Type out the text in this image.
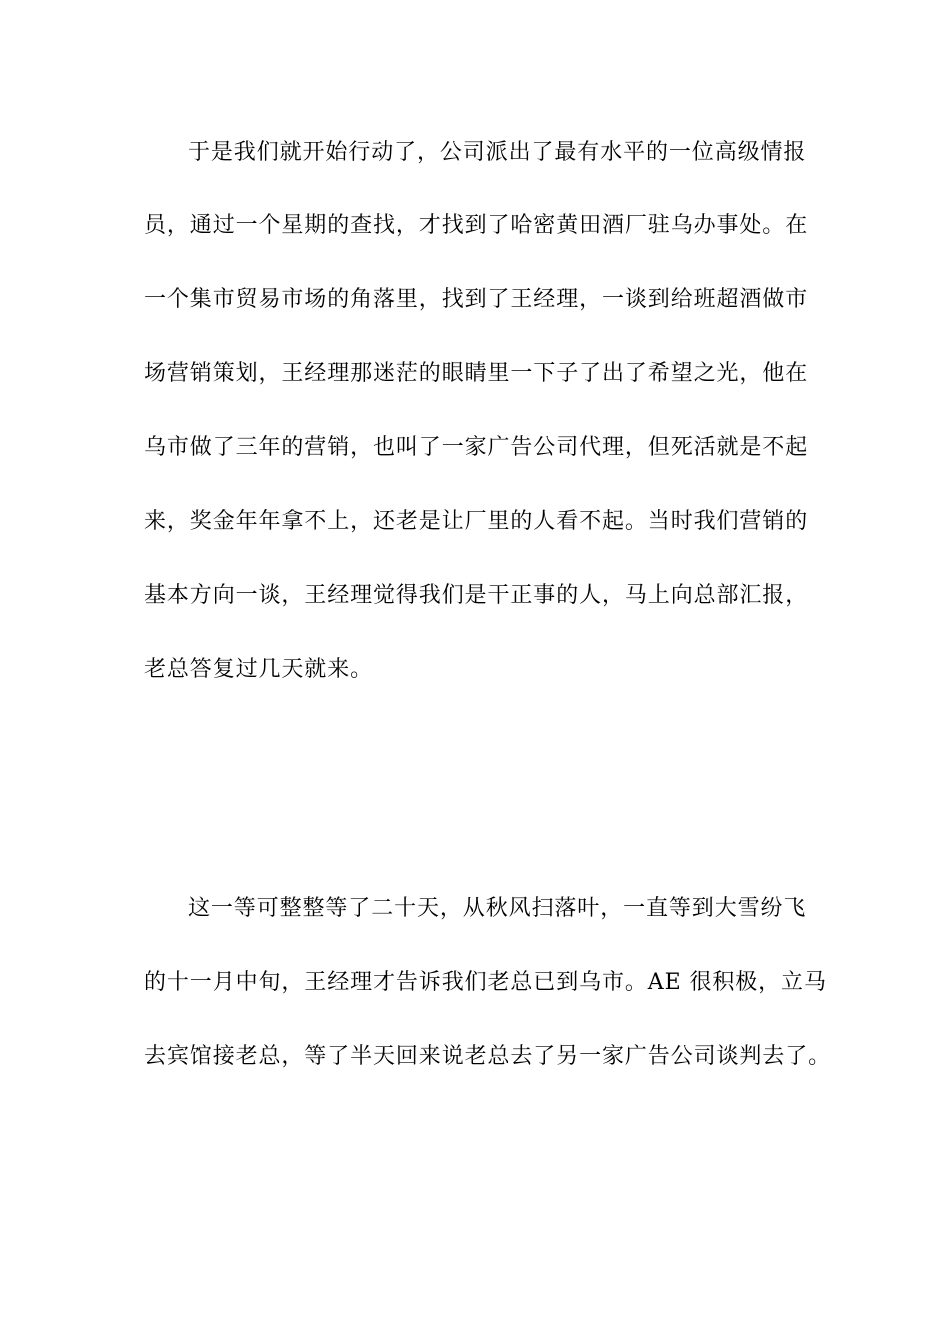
于是我们就开始行动了，公司派出了最有水平的一位高级情报
员，通过一个星期的查找，才找到了哈密黄田酒厂驻乌办事处。在
一个集市贸易市场的角落里，找到了王经理，一谈到给班超酒做市
场营销策划，王经理那迷茫的眼睛里一下子了出了希望之光，他在
乌市做了三年的营销，也叫了一家广告公司代理，但死活就是不起
来，奖金年年拿不上，还老是让厂里的人看不起。当时我们营销的
基本方向一谈，王经理觉得我们是干正事的人，马上向总部汇报，
老总答复过几天就来。
这一等可整整等了二十天，从秋风扫落叶，一直等到大雪纷飞
的十一月中旬，王经理才告诉我们老总已到乌市。AE 很积极，立马
去宾馆接老总，等了半天回来说老总去了另一家广告公司谈判去了。
